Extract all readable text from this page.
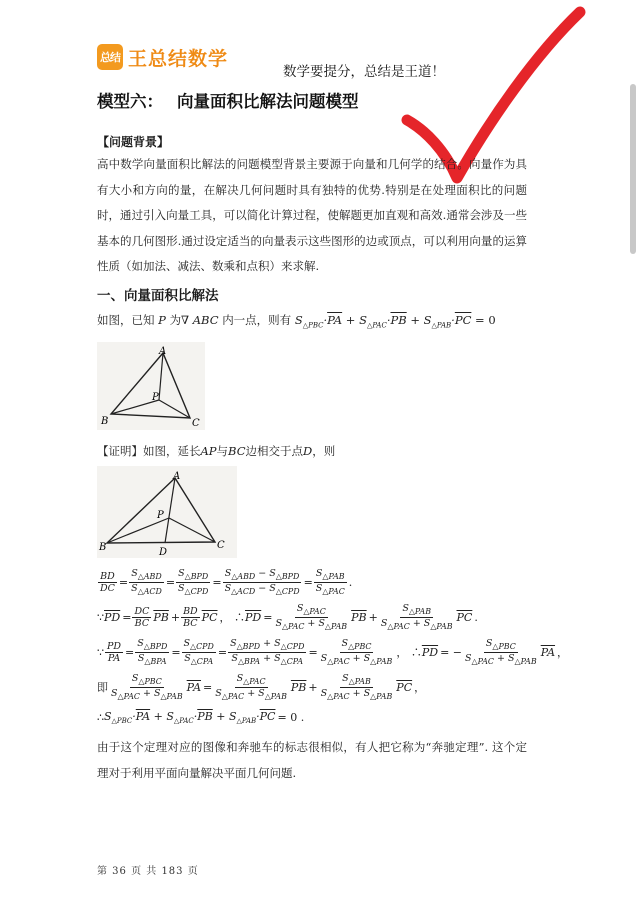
总结 王总结数学
数学要提分，总结是王道！
模型六： 向量面积比解法问题模型
【问题背景】
高中数学向量面积比解法的问题模型背景主要源于向量和几何学的结合。向量作为具有大小和方向的量，在解决几何问题时具有独特的优势.特别是在处理面积比的问题时，通过引入向量工具，可以简化计算过程，使解题更加直观和高效.通常会涉及一些基本的几何图形.通过设定适当的向量表示这些图形的边或顶点，可以利用向量的运算性质（如加法、减法、数乘和点积）来求解.
一、向量面积比解法
如图，已知 P 为∇ ABC 内一点，则有 $S_{\triangle PBC}\cdot\overline{PA} + S_{\triangle PAC}\cdot\overline{PB} + S_{\triangle PAB}\cdot\overline{PC} = 0$
A
B	C
P
【证明】如图，延长AP与BC边相交于点D，则
A
B	C
P
D
$\frac{BD}{DC} = \frac{S_{\triangle ABD}}{S_{\triangle ACD}} = \frac{S_{\triangle BPD}}{S_{\triangle CPD}} = \frac{S_{\triangle ABD} - S_{\triangle BPD}}{S_{\triangle ACD} - S_{\triangle CPD}} = \frac{S_{\triangle PAB}}{S_{\triangle PAC}}$ .
∵ $\overline{PD} = \frac{DC}{BC} \overline{PB} + \frac{BD}{BC} \overline{PC}$ ， ∴ $\overline{PD} = \frac{S_{\triangle PAC}}{S_{\triangle PAC} + S_{\triangle PAB}} \overline{PB} + \frac{S_{\triangle PAB}}{S_{\triangle PAC} + S_{\triangle PAB}} \overline{PC}$ .
∵ $\frac{PD}{PA} = \frac{S_{\triangle BPD}}{S_{\triangle BPA}} = \frac{S_{\triangle CPD}}{S_{\triangle CPA}} = \frac{S_{\triangle BPD} + S_{\triangle CPD}}{S_{\triangle BPA} + S_{\triangle CPA}} = \frac{S_{\triangle PBC}}{S_{\triangle PAC} + S_{\triangle PAB}}$ ， ∴ $\overline{PD}$ = − $\frac{S_{\triangle PBC}}{S_{\triangle PAC} + S_{\triangle PAB}} \overline{PA}$ ，
即 $\frac{S_{\triangle PBC}}{S_{\triangle PAC} + S_{\triangle PAB}} \overline{PA} = \frac{S_{\triangle PAC}}{S_{\triangle PAC} + S_{\triangle PAB}} \overline{PB} + \frac{S_{\triangle PAB}}{S_{\triangle PAC} + S_{\triangle PAB}} \overline{PC}$ ，
∴ $S_{\triangle PBC}\cdot\overline{PA} + S_{\triangle PAC}\cdot\overline{PB} + S_{\triangle PAB}\cdot\overline{PC} = 0$ .
由于这个定理对应的图像和奔驰车的标志很相似，有人把它称为“奔驰定理”. 这个定理对于利用平面向量解决平面几何问题.
第 36 页 共 183 页
